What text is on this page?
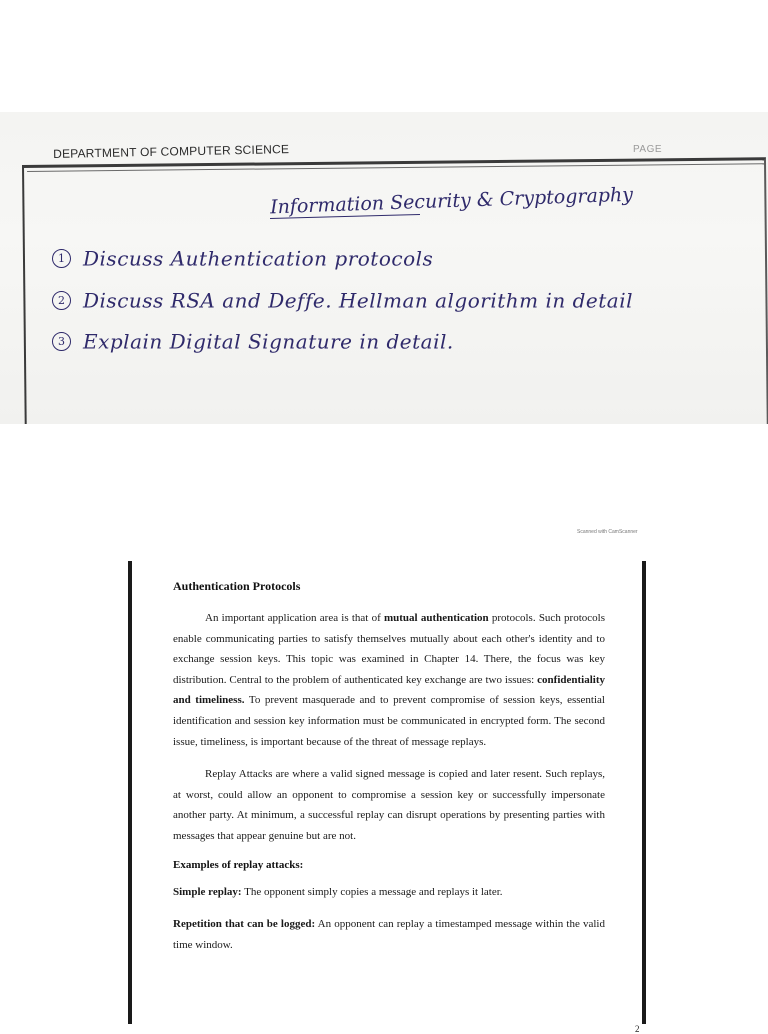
DEPARTMENT OF COMPUTER SCIENCE	PAGE
Information Security & Cryptography
1 Discuss Authentication protocols
2 Discuss RSA and Deffe. Hellman algorithm in detail
3 Explain Digital Signature in detail.
Scanned with CamScanner
Authentication Protocols
An important application area is that of mutual authentication protocols. Such protocols enable communicating parties to satisfy themselves mutually about each other's identity and to exchange session keys. This topic was examined in Chapter 14. There, the focus was key distribution. Central to the problem of authenticated key exchange are two issues: confidentiality and timeliness. To prevent masquerade and to prevent compromise of session keys, essential identification and session key information must be communicated in encrypted form. The second issue, timeliness, is important because of the threat of message replays.
Replay Attacks are where a valid signed message is copied and later resent. Such replays, at worst, could allow an opponent to compromise a session key or successfully impersonate another party. At minimum, a successful replay can disrupt operations by presenting parties with messages that appear genuine but are not.
Examples of replay attacks:
Simple replay: The opponent simply copies a message and replays it later.
Repetition that can be logged: An opponent can replay a timestamped message within the valid time window.
2
